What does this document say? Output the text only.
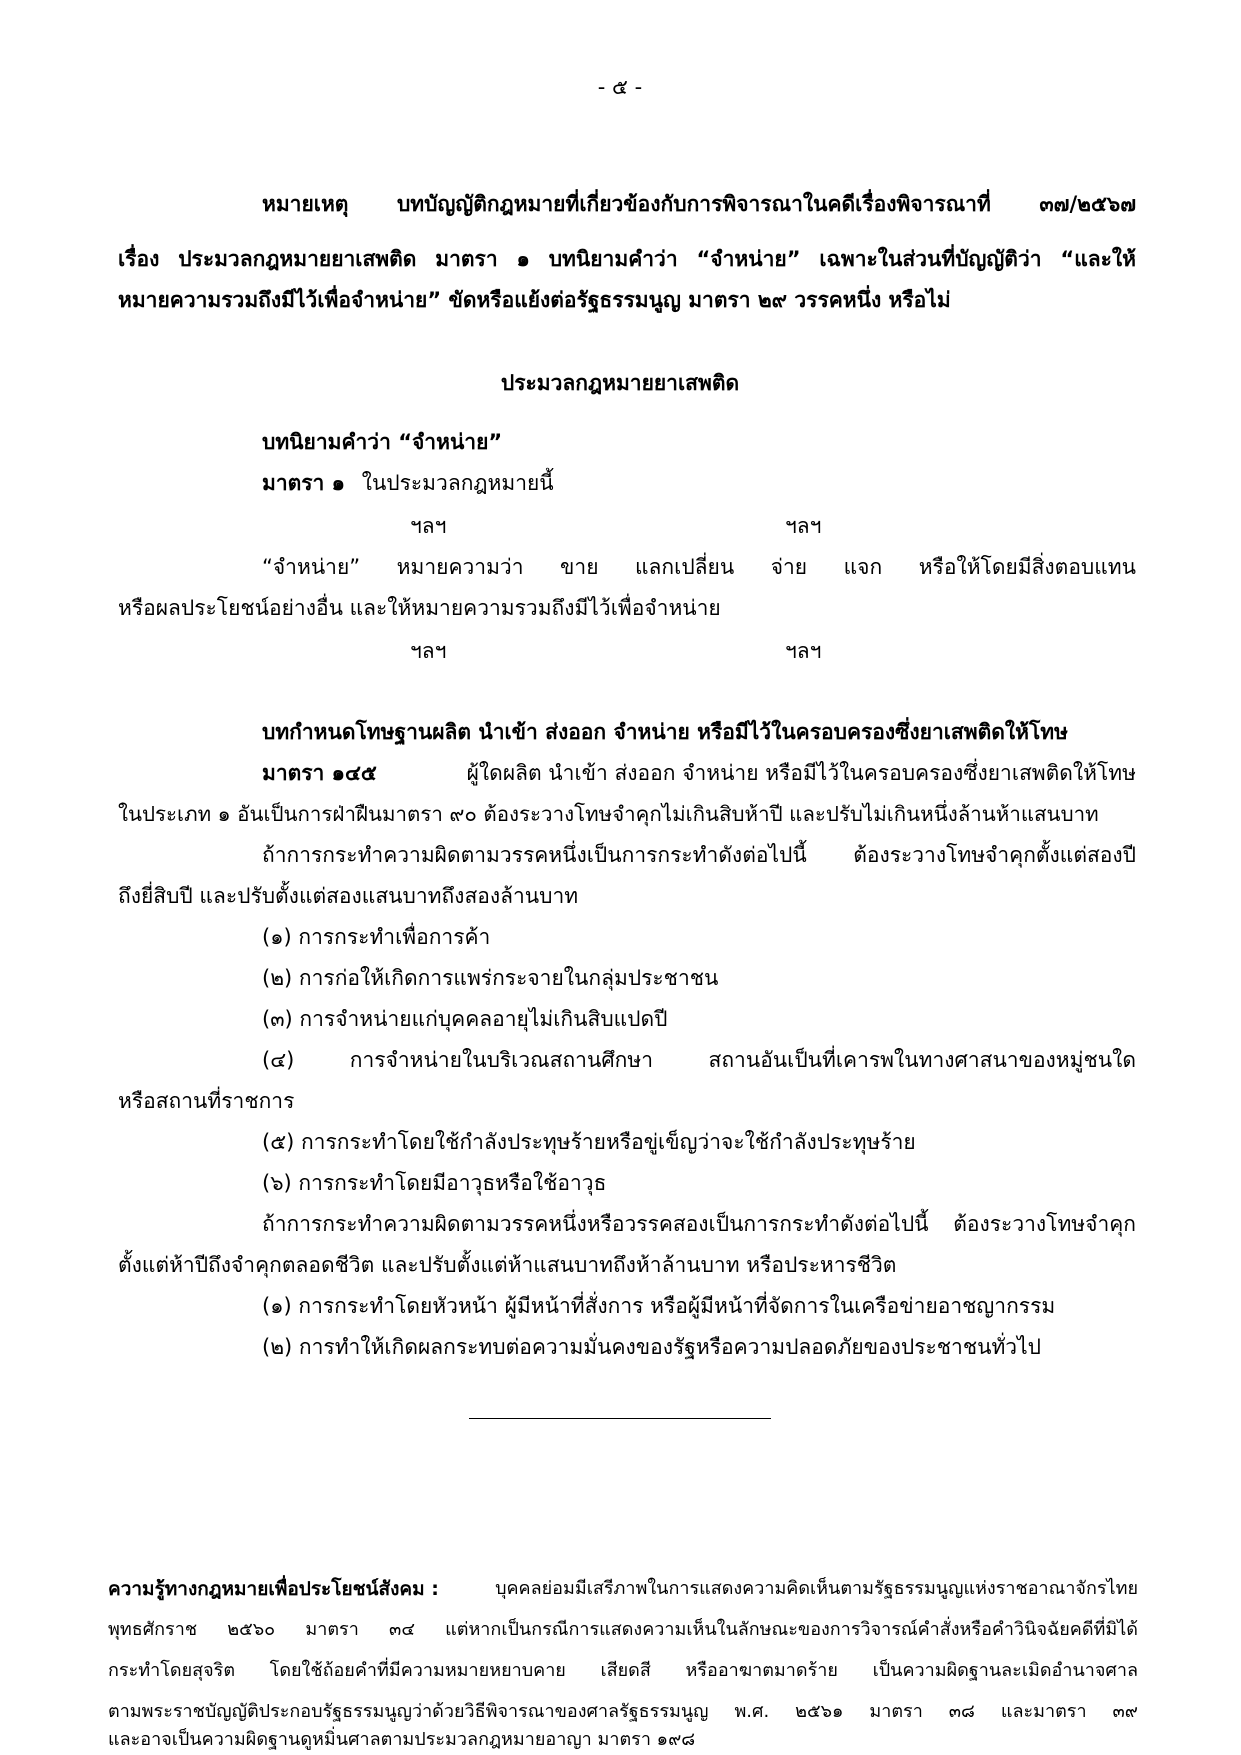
- ๕ -
หมายเหตุ บทบัญญัติกฎหมายที่เกี่ยวข้องกับการพิจารณาในคดีเรื่องพิจารณาที่ ๓๗/๒๕๖๗
เรื่อง ประมวลกฎหมายยาเสพติด มาตรา ๑ บทนิยามคำว่า “จำหน่าย” เฉพาะในส่วนที่บัญญัติว่า “และให้
หมายความรวมถึงมีไว้เพื่อจำหน่าย” ขัดหรือแย้งต่อรัฐธรรมนูญ มาตรา ๒๙ วรรคหนึ่ง หรือไม่
ประมวลกฎหมายยาเสพติด
บทนิยามคำว่า “จำหน่าย”
มาตรา ๑ ในประมวลกฎหมายนี้
ฯลฯ	ฯลฯ
“จำหน่าย” หมายความว่า ขาย แลกเปลี่ยน จ่าย แจก หรือให้โดยมีสิ่งตอบแทน
หรือผลประโยชน์อย่างอื่น และให้หมายความรวมถึงมีไว้เพื่อจำหน่าย
ฯลฯ	ฯลฯ
บทกำหนดโทษฐานผลิต นำเข้า ส่งออก จำหน่าย หรือมีไว้ในครอบครองซึ่งยาเสพติดให้โทษ
มาตรา ๑๔๕	ผู้ใดผลิต นำเข้า ส่งออก จำหน่าย หรือมีไว้ในครอบครองซึ่งยาเสพติดให้โทษ
ในประเภท ๑ อันเป็นการฝ่าฝืนมาตรา ๙๐ ต้องระวางโทษจำคุกไม่เกินสิบห้าปี และปรับไม่เกินหนึ่งล้านห้าแสนบาท
ถ้าการกระทำความผิดตามวรรคหนึ่งเป็นการกระทำดังต่อไปนี้ ต้องระวางโทษจำคุกตั้งแต่สองปี
ถึงยี่สิบปี และปรับตั้งแต่สองแสนบาทถึงสองล้านบาท
(๑) การกระทำเพื่อการค้า
(๒) การก่อให้เกิดการแพร่กระจายในกลุ่มประชาชน
(๓) การจำหน่ายแก่บุคคลอายุไม่เกินสิบแปดปี
(๔) การจำหน่ายในบริเวณสถานศึกษา สถานอันเป็นที่เคารพในทางศาสนาของหมู่ชนใด
หรือสถานที่ราชการ
(๕) การกระทำโดยใช้กำลังประทุษร้ายหรือขู่เข็ญว่าจะใช้กำลังประทุษร้าย
(๖) การกระทำโดยมีอาวุธหรือใช้อาวุธ
ถ้าการกระทำความผิดตามวรรคหนึ่งหรือวรรคสองเป็นการกระทำดังต่อไปนี้ ต้องระวางโทษจำคุก
ตั้งแต่ห้าปีถึงจำคุกตลอดชีวิต และปรับตั้งแต่ห้าแสนบาทถึงห้าล้านบาท หรือประหารชีวิต
(๑) การกระทำโดยหัวหน้า ผู้มีหน้าที่สั่งการ หรือผู้มีหน้าที่จัดการในเครือข่ายอาชญากรรม
(๒) การทำให้เกิดผลกระทบต่อความมั่นคงของรัฐหรือความปลอดภัยของประชาชนทั่วไป
ความรู้ทางกฎหมายเพื่อประโยชน์สังคม :	บุคคลย่อมมีเสรีภาพในการแสดงความคิดเห็นตามรัฐธรรมนูญแห่งราชอาณาจักรไทย
พุทธศักราช ๒๕๖๐ มาตรา ๓๔ แต่หากเป็นกรณีการแสดงความเห็นในลักษณะของการวิจารณ์คำสั่งหรือคำวินิจฉัยคดีที่มิได้
กระทำโดยสุจริต โดยใช้ถ้อยคำที่มีความหมายหยาบคาย เสียดสี หรืออาฆาตมาดร้าย เป็นความผิดฐานละเมิดอำนาจศาล
ตามพระราชบัญญัติประกอบรัฐธรรมนูญว่าด้วยวิธีพิจารณาของศาลรัฐธรรมนูญ พ.ศ. ๒๕๖๑ มาตรา ๓๘ และมาตรา ๓๙
และอาจเป็นความผิดฐานดูหมิ่นศาลตามประมวลกฎหมายอาญา มาตรา ๑๙๘
